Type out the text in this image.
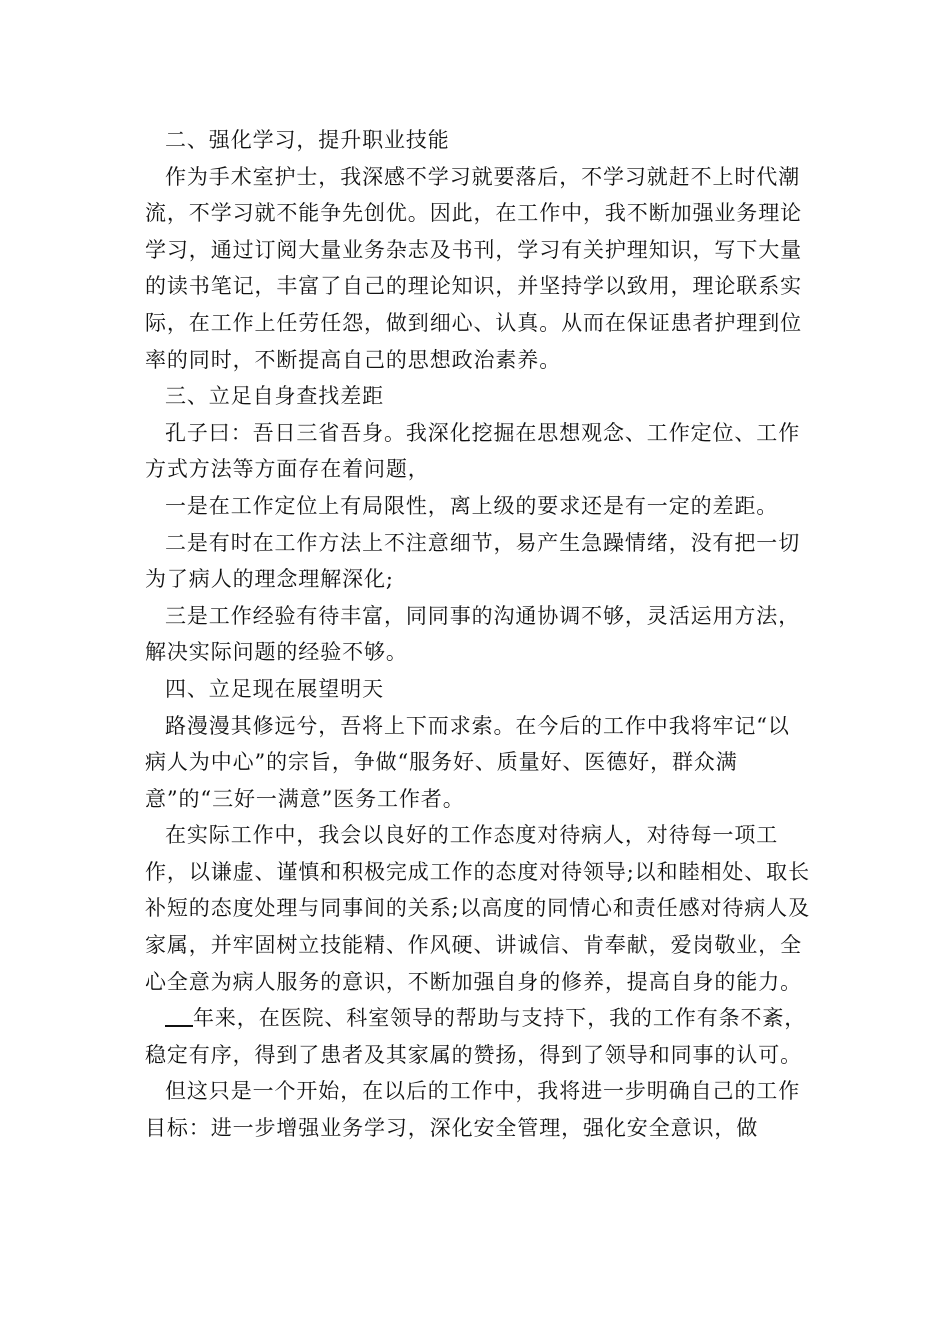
二、强化学习，提升职业技能

作为手术室护士，我深感不学习就要落后，不学习就赶不上时代潮流，不学习就不能争先创优。因此，在工作中，我不断加强业务理论学习，通过订阅大量业务杂志及书刊，学习有关护理知识，写下大量的读书笔记，丰富了自己的理论知识，并坚持学以致用，理论联系实际，在工作上任劳任怨，做到细心、认真。从而在保证患者护理到位率的同时，不断提高自己的思想政治素养。

三、立足自身查找差距

孔子曰：吾日三省吾身。我深化挖掘在思想观念、工作定位、工作方式方法等方面存在着问题，

一是在工作定位上有局限性，离上级的要求还是有一定的差距。

二是有时在工作方法上不注意细节，易产生急躁情绪，没有把一切为了病人的理念理解深化;

三是工作经验有待丰富，同同事的沟通协调不够，灵活运用方法，解决实际问题的经验不够。

四、立足现在展望明天

路漫漫其修远兮，吾将上下而求索。在今后的工作中我将牢记“以病人为中心”的宗旨，争做“服务好、质量好、医德好，群众满意”的“三好一满意”医务工作者。

在实际工作中，我会以良好的工作态度对待病人，对待每一项工作，以谦虚、谨慎和积极完成工作的态度对待领导;以和睦相处、取长补短的态度处理与同事间的关系;以高度的同情心和责任感对待病人及家属，并牢固树立技能精、作风硬、讲诚信、肯奉献，爱岗敬业，全心全意为病人服务的意识，不断加强自身的修养，提高自身的能力。

年来，在医院、科室领导的帮助与支持下，我的工作有条不紊，稳定有序，得到了患者及其家属的赞扬，得到了领导和同事的认可。

但这只是一个开始，在以后的工作中，我将进一步明确自己的工作目标：进一步增强业务学习，深化安全管理，强化安全意识，做
